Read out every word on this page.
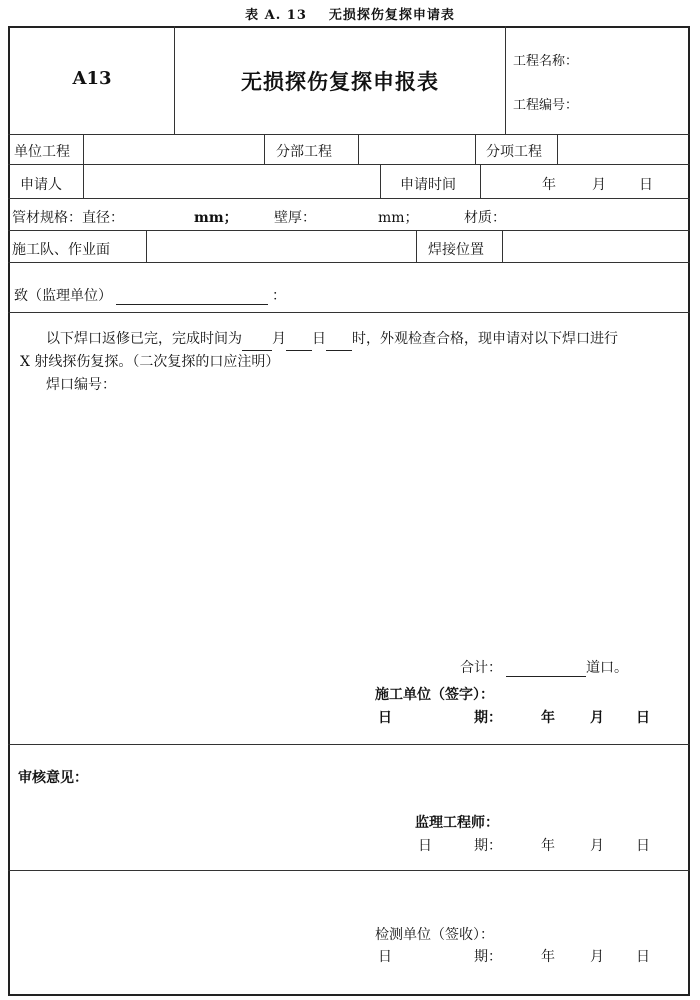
表 A. 13 无损探伤复探申请表
A13	无损探伤复探申报表
工程名称：
工程编号：
单位工程	分部工程	分项工程
申请人	申请时间	年	月 日
管材规格：直径：	mm；	壁厚：	mm；	材质：
施工队、作业面	焊接位置
致（监理单位）	：
以下焊口返修已完，完成时间为 月 日 时，外观检查合格，现申请对以下焊口进行
X 射线探伤复探。（二次复探的口应注明）
焊口编号：
合计：	道口。
施工单位（签字）：
日	期：	年	月 日
审核意见：
监理工程师：
日	期：	年	月 日
检测单位（签收）：
日	期：	年	月 日
